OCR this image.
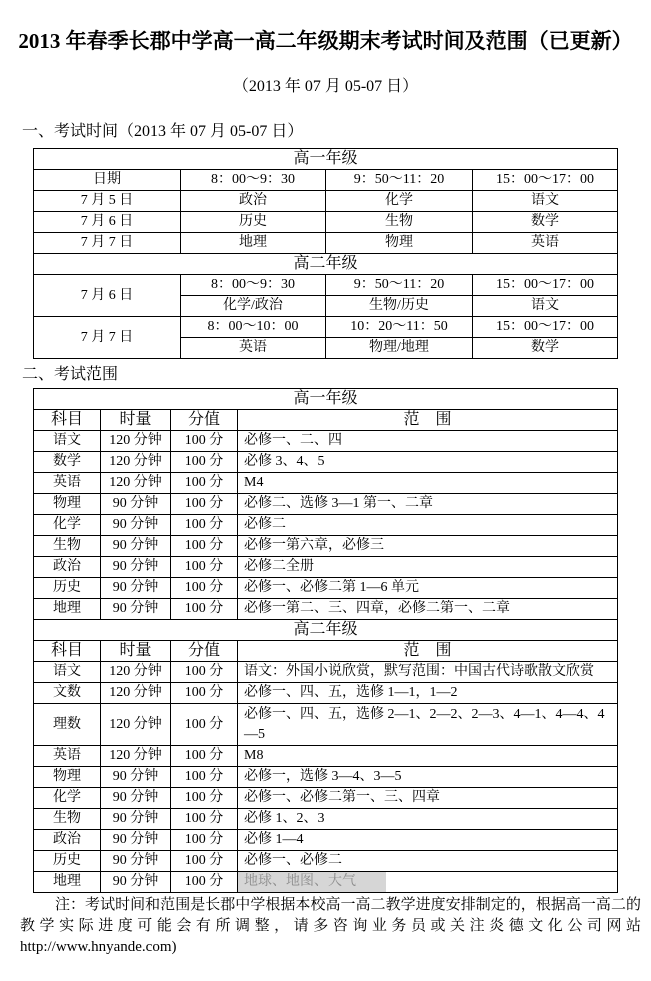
2013 年春季长郡中学高一高二年级期末考试时间及范围（已更新）
（2013 年 07 月 05-07 日）
一、考试时间（2013 年 07 月 05-07 日）
高一年级			
日期	8：00～9：30	9：50～11：20	15：00～17：00
7 月 5 日	政治	化学	语文
7 月 6 日	历史	生物	数学
7 月 7 日	地理	物理	英语
高二年级			
7 月 6 日	8：00～9：30	9：50～11：20	15：00～17：00
	化学/政治	生物/历史	语文
7 月 7 日	8：00～10：00	10：20～11：50	15：00～17：00
	英语	物理/地理	数学
二、考试范围
高一年级			
科目	时量	分值	范　围
语文	120 分钟	100 分	必修一、二、四
数学	120 分钟	100 分	必修 3、4、5
英语	120 分钟	100 分	M4
物理	90 分钟	100 分	必修二、选修 3—1 第一、二章
化学	90 分钟	100 分	必修二
生物	90 分钟	100 分	必修一第六章，必修三
政治	90 分钟	100 分	必修二全册
历史	90 分钟	100 分	必修一、必修二第 1—6 单元
地理	90 分钟	100 分	必修一第二、三、四章，必修二第一、二章
高二年级			
科目	时量	分值	范　围
语文	120 分钟	100 分	语文：外国小说欣赏，默写范围：中国古代诗歌散文欣赏
文数	120 分钟	100 分	必修一、四、五，选修 1—1，1—2
理数	120 分钟	100 分	必修一、四、五，选修 2—1、2—2、2—3、4—1、4—4、4—5
英语	120 分钟	100 分	M8
物理	90 分钟	100 分	必修一，选修 3—4、3—5
化学	90 分钟	100 分	必修一、必修二第一、三、四章
生物	90 分钟	100 分	必修 1、2、3
政治	90 分钟	100 分	必修 1—4
历史	90 分钟	100 分	必修一、必修二
地理	90 分钟	100 分	地球、地图、大气

注：考试时间和范围是长郡中学根据本校高一高二教学进度安排制定的，根据高一高二的教学实际进度可能会有所调整，请多咨询业务员或关注炎德文化公司网站 http://www.hnyande.com)
